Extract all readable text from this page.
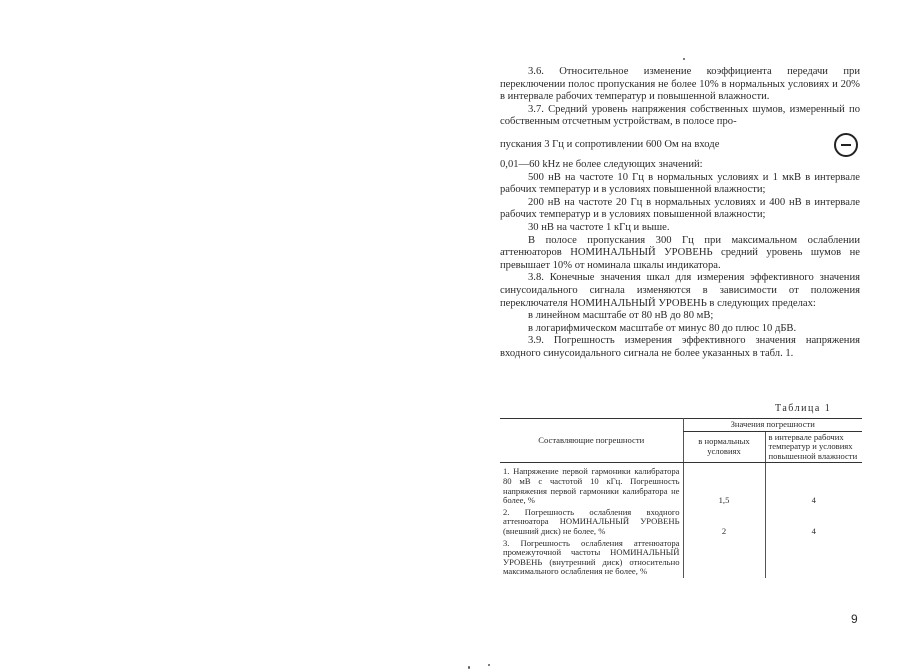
3.6. Относительное изменение коэффициента передачи при переключении полос пропускания не более 10% в нормальных условиях и 20% в интервале рабочих температур и повышенной влажности.

3.7. Средний уровень напряжения собственных шумов, измеренный по собственным отсчетным устройствам, в полосе про-

пускания 3 Гц и сопротивлении 600 Ом на входе

0,01—60 kHz не более следующих значений:

500 нВ на частоте 10 Гц в нормальных условиях и 1 мкВ в интервале рабочих температур и в условиях повышенной влажности;

200 нВ на частоте 20 Гц в нормальных условиях и 400 нВ в интервале рабочих температур и в условиях повышенной влажности;

30 нВ на частоте 1 кГц и выше.

В полосе пропускания 300 Гц при максимальном ослаблении аттенюаторов НОМИНАЛЬНЫЙ УРОВЕНЬ средний уровень шумов не превышает 10% от номинала шкалы индикатора.

3.8. Конечные значения шкал для измерения эффективного значения синусоидального сигнала изменяются в зависимости от положения переключателя НОМИНАЛЬНЫЙ УРОВЕНЬ в следующих пределах:

в линейном масштабе от 80 нВ до 80 мВ;

в логарифмическом масштабе от минус 80 до плюс 10 дБВ.

3.9. Погрешность измерения эффективного значения напряжения входного синусоидального сигнала не более указанных в табл. 1.

Таблица 1
Составляющие погрешности	Значения погрешности	
	в нормальных условиях	в интервале рабочих температур и условиях повышенной влажности
1. Напряжение первой гармоники калибратора 80 мВ с частотой 10 кГц. Погрешность напряжения первой гармоники калибратора не более, %	1,5	4
2. Погрешность ослабления входного аттенюатора НОМИНАЛЬНЫЙ УРОВЕНЬ (внешний диск) не более, %	2	4
3. Погрешность ослабления аттенюатора промежуточной частоты НОМИНАЛЬНЫЙ УРОВЕНЬ (внутренний диск) относительно максимального ослабления не более, %		
9
